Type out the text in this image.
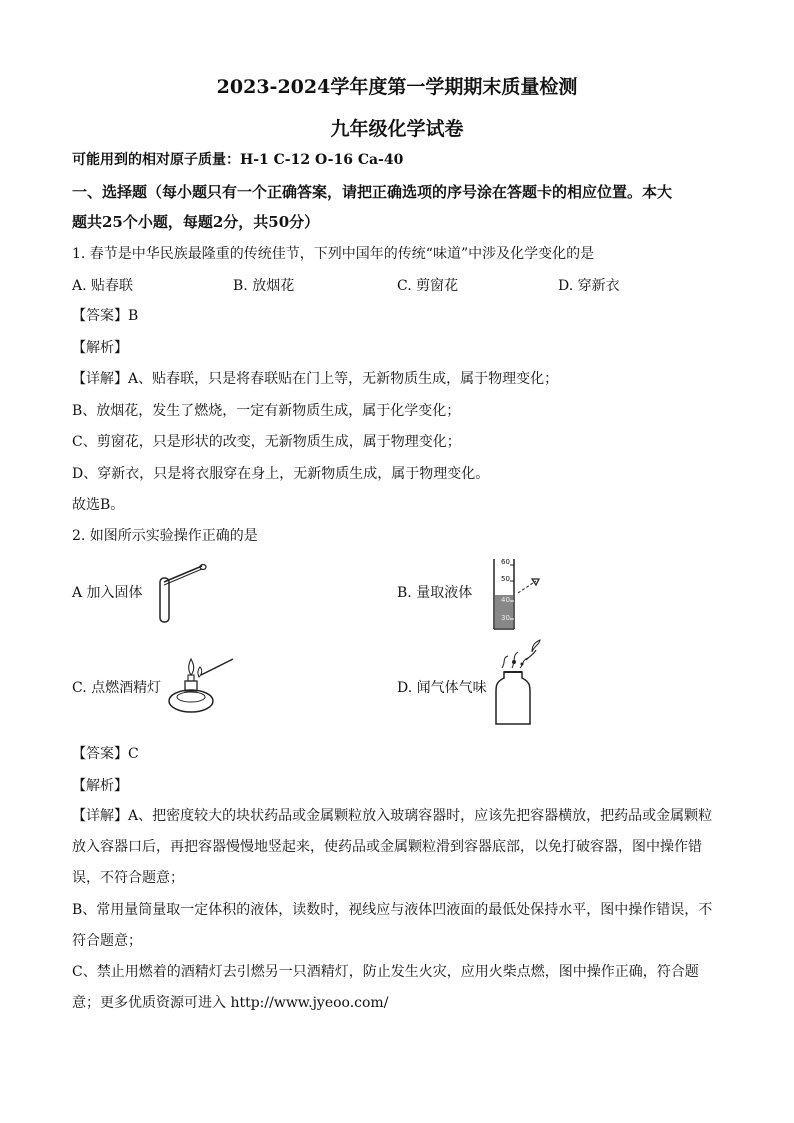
2023-2024学年度第一学期期末质量检测
九年级化学试卷
可能用到的相对原子质量：H-1 C-12 O-16 Ca-40
一、选择题（每小题只有一个正确答案，请把正确选项的序号涂在答题卡的相应位置。本大
题共25个小题，每题2分，共50分）
1. 春节是中华民族最隆重的传统佳节，下列中国年的传统“味道”中涉及化学变化的是
A. 贴春联	B. 放烟花	C. 剪窗花	D. 穿新衣
【答案】B
【解析】
【详解】A、贴春联，只是将春联贴在门上等，无新物质生成，属于物理变化；
B、放烟花，发生了燃烧，一定有新物质生成，属于化学变化；
C、剪窗花，只是形状的改变，无新物质生成，属于物理变化；
D、穿新衣，只是将衣服穿在身上，无新物质生成，属于物理变化。
故选B。
2. 如图所示实验操作正确的是
A 加入固体	B. 量取液体
60
50
40
30
C. 点燃酒精灯	D. 闻气体气味
【答案】C
【解析】
【详解】A、把密度较大的块状药品或金属颗粒放入玻璃容器时，应该先把容器横放，把药品或金属颗粒放入容器口后，再把容器慢慢地竖起来，使药品或金属颗粒滑到容器底部，以免打破容器，图中操作错误，不符合题意；
B、常用量筒量取一定体积的液体，读数时，视线应与液体凹液面的最低处保持水平，图中操作错误，不符合题意；
C、禁止用燃着的酒精灯去引燃另一只酒精灯，防止发生火灾，应用火柴点燃，图中操作正确，符合题意；更多优质资源可进入 http://www.jyeoo.com/
